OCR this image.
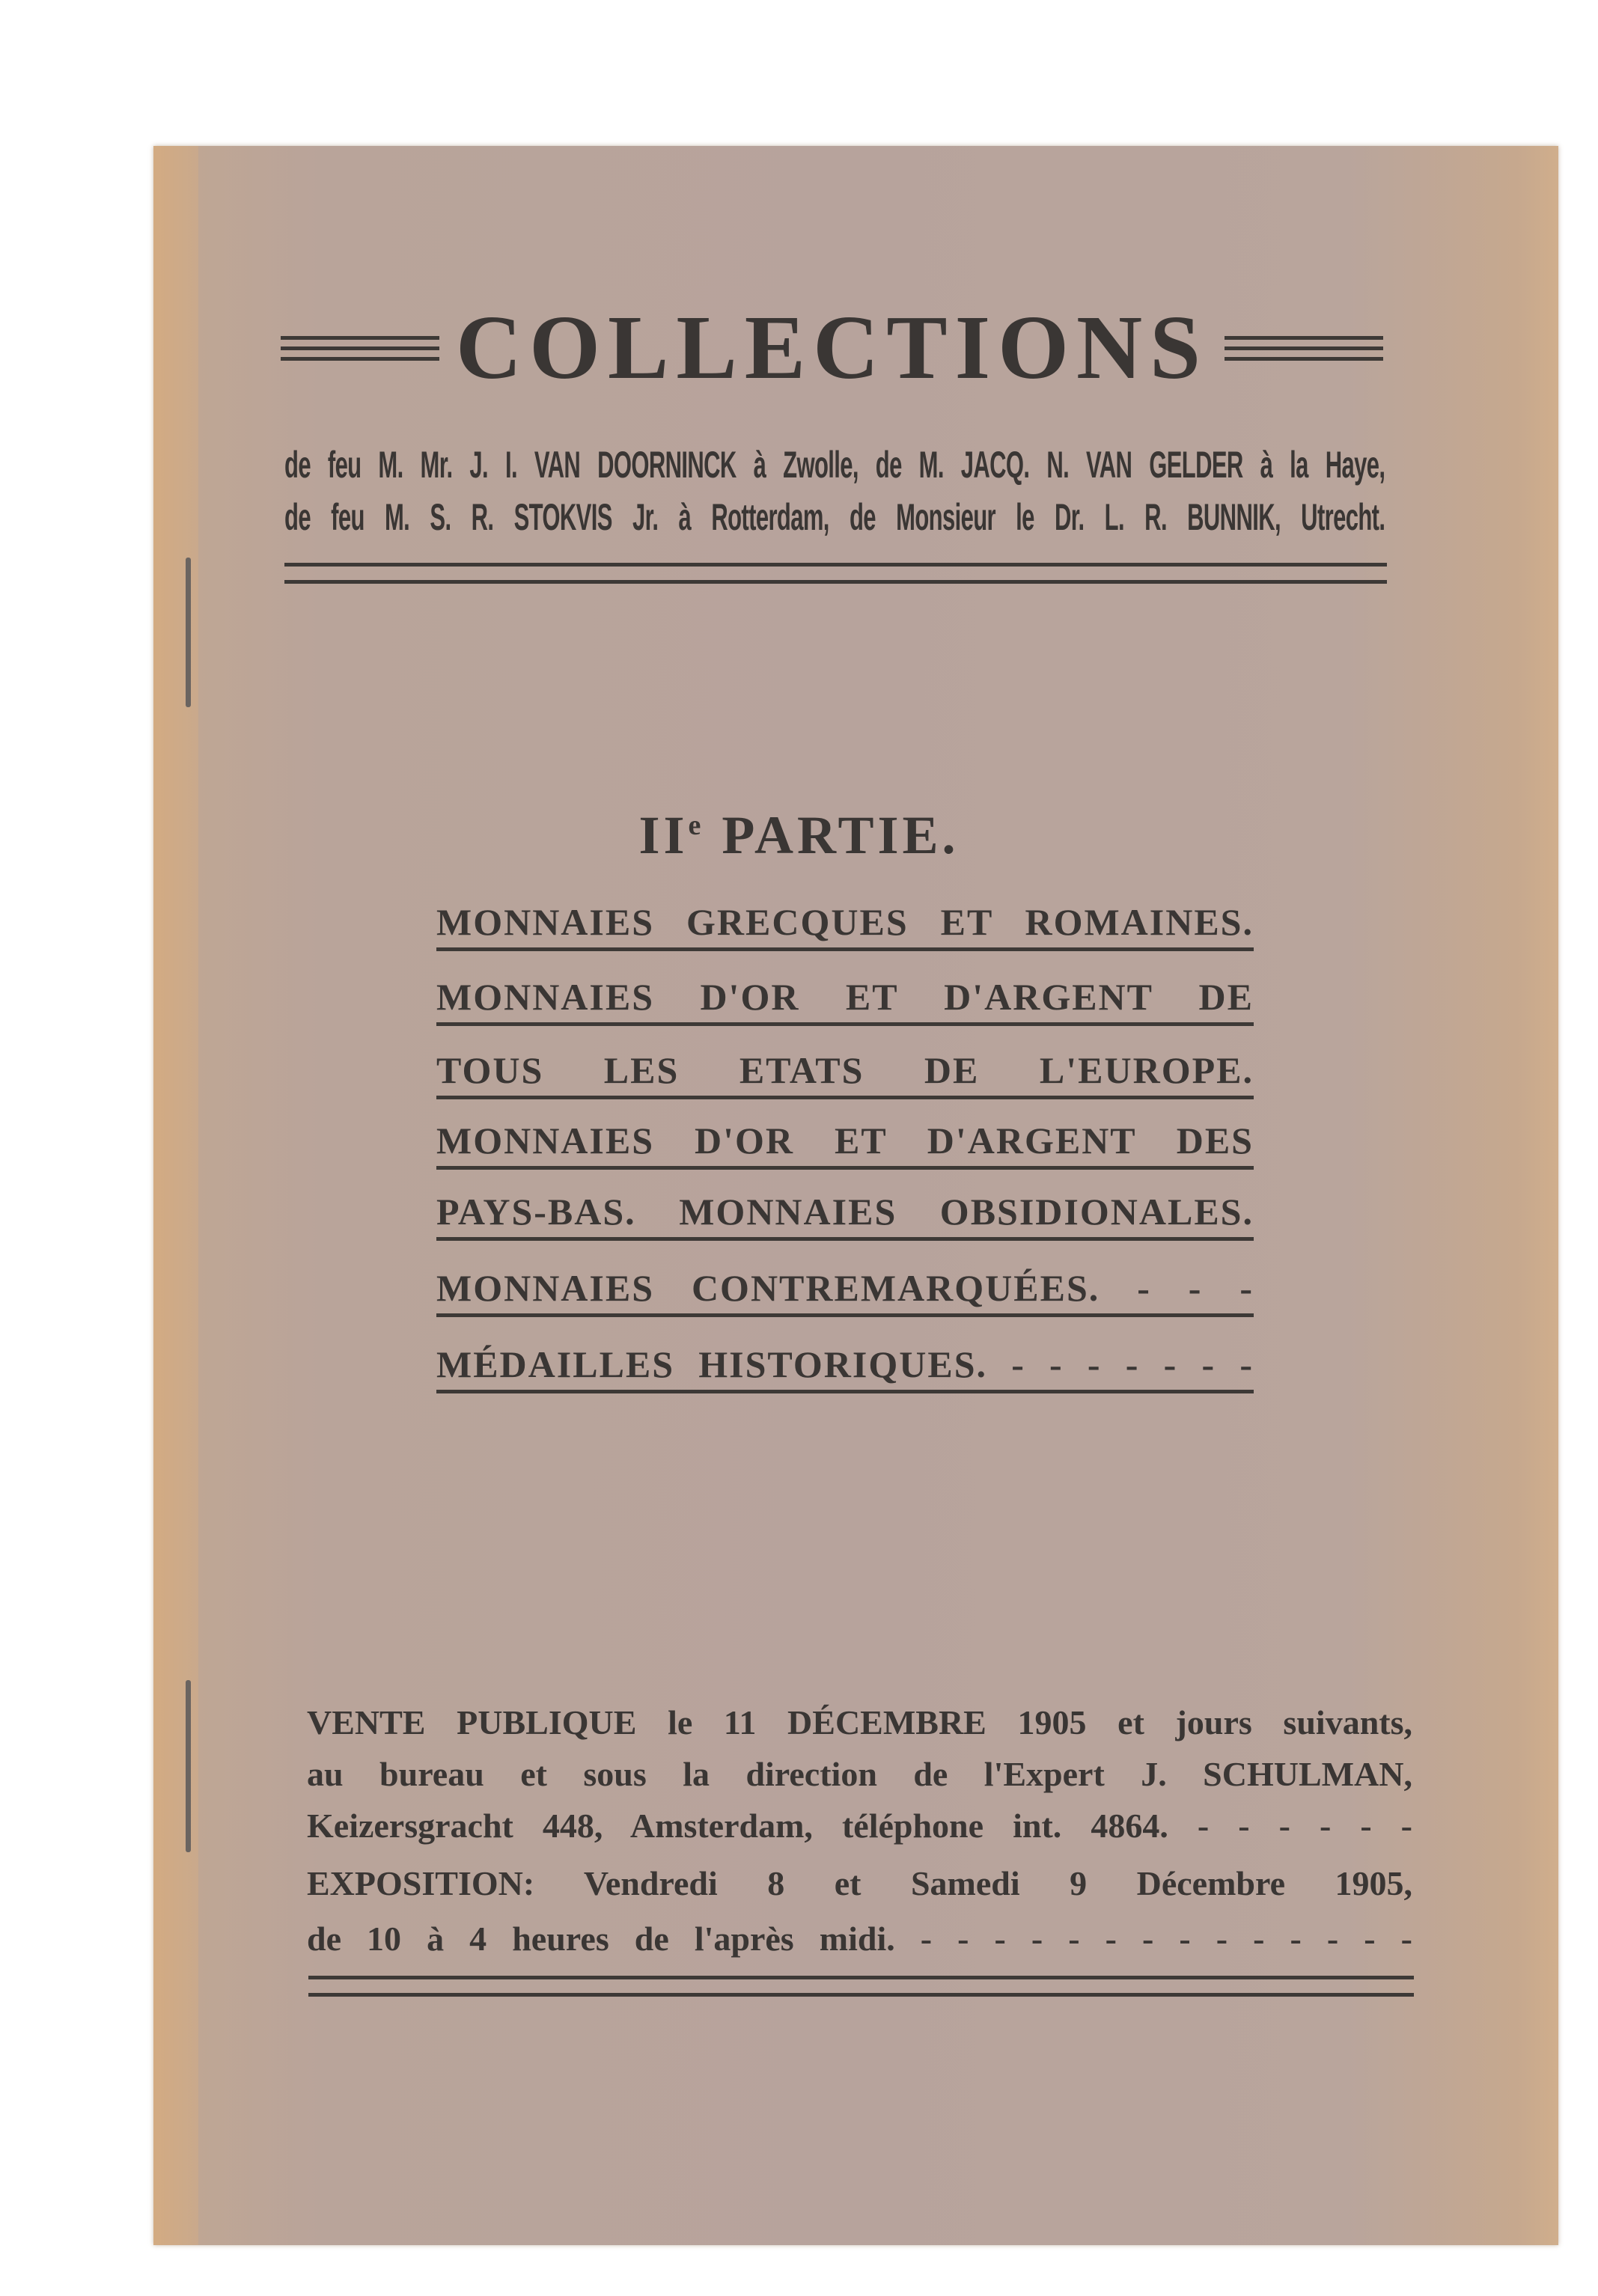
COLLECTIONS
de feu M. Mr. J. I. VAN DOORNINCK à Zwolle, de M. JACQ. N. VAN GELDER à la Haye,
de feu M. S. R. STOKVIS Jr. à Rotterdam, de Monsieur le Dr. L. R. BUNNIK, Utrecht.
IIe PARTIE.
MONNAIES GRECQUES ET ROMAINES.
MONNAIES D'OR ET D'ARGENT DE
TOUS LES ETATS DE L'EUROPE.
MONNAIES D'OR ET D'ARGENT DES
PAYS-BAS. MONNAIES OBSIDIONALES.
MONNAIES CONTREMARQUÉES. - - -
MÉDAILLES HISTORIQUES. - - - - - - -
VENTE PUBLIQUE le 11 DÉCEMBRE 1905 et jours suivants,
au bureau et sous la direction de l'Expert J. SCHULMAN,
Keizersgracht 448, Amsterdam, téléphone int. 4864. - - - - - -
EXPOSITION: Vendredi 8 et Samedi 9 Décembre 1905,
de 10 à 4 heures de l'après midi. - - - - - - - - - - - - - -
